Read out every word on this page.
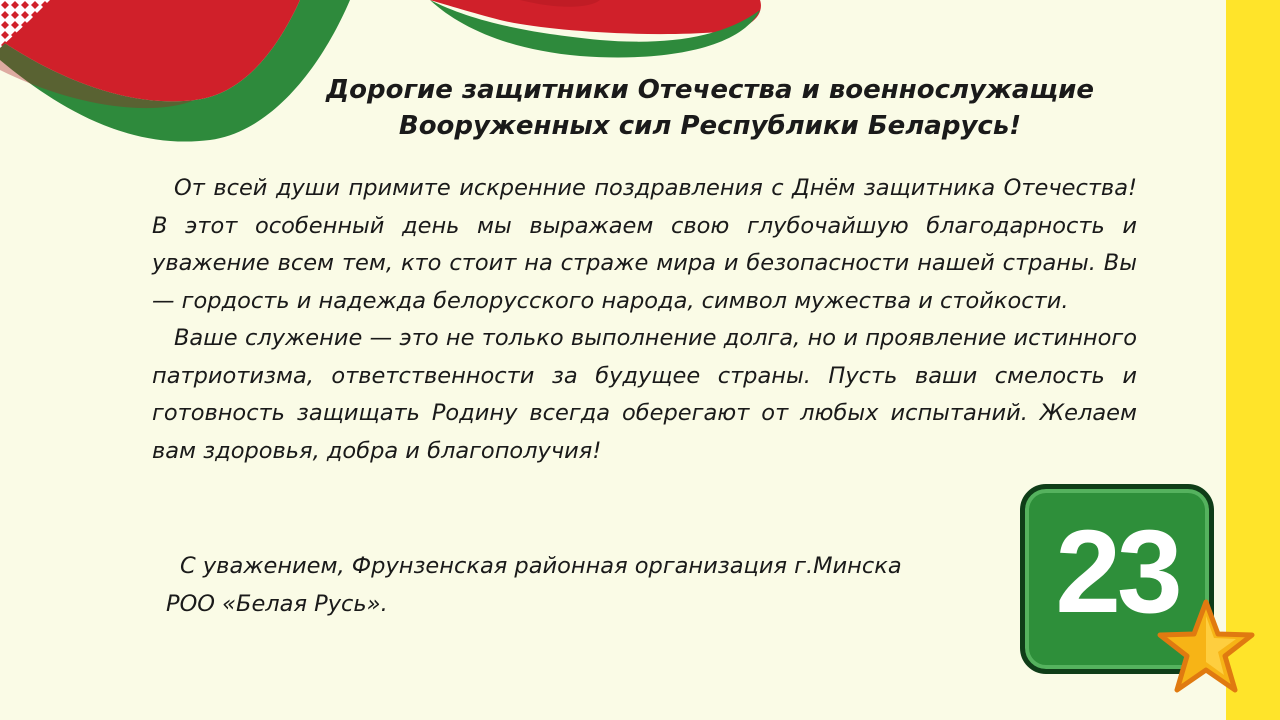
Дорогие защитники Отечества и военнослужащие
Вооруженных сил Республики Беларусь!

От всей души примите искренние поздравления с Днём защитника Отечества! В этот особенный день мы выражаем свою глубочайшую благодарность и уважение всем тем, кто стоит на страже мира и безопасности нашей страны. Вы — гордость и надежда белорусского народа, символ мужества и стойкости.

Ваше служение — это не только выполнение долга, но и проявление истинного патриотизма, ответственности за будущее страны. Пусть ваши смелость и готовность защищать Родину всегда оберегают от любых испытаний. Желаем вам здоровья, добра и благополучия!

С уважением, Фрунзенская районная организация г.Минска
РОО «Белая Русь».	23
